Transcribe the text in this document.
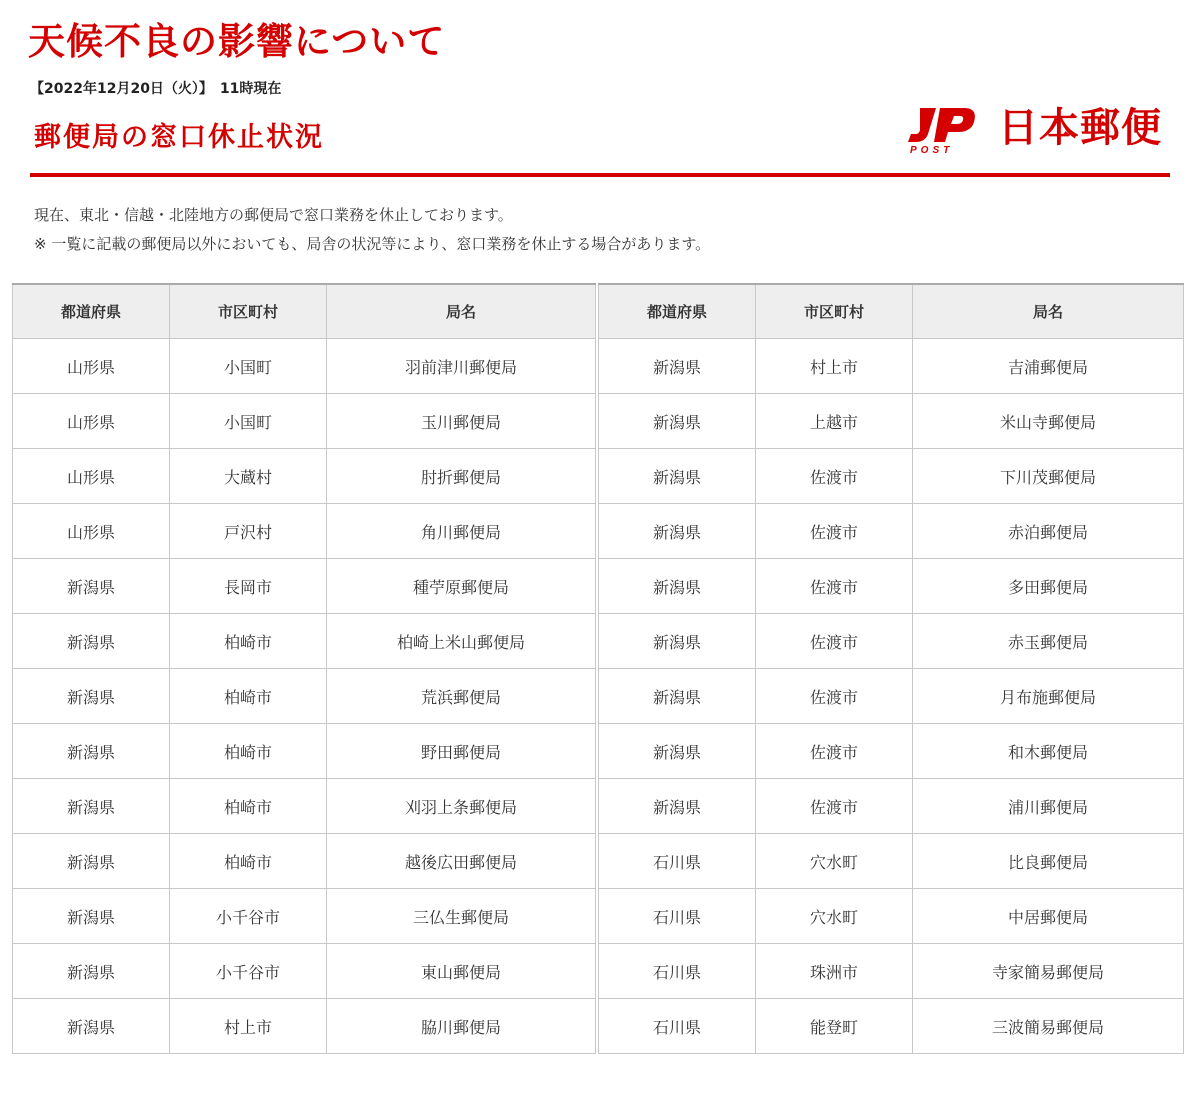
天候不良の影響について
【2022年12月20日（火）】　11時現在
郵便局の窓口休止状況	POST 日本郵便
現在、東北・信越・北陸地方の郵便局で窓口業務を休止しております。
※ 一覧に記載の郵便局以外においても、局舎の状況等により、窓口業務を休止する場合があります。
都道府県	市区町村	局名
山形県	小国町	羽前津川郵便局
山形県	小国町	玉川郵便局
山形県	大蔵村	肘折郵便局
山形県	戸沢村	角川郵便局
新潟県	長岡市	種苧原郵便局
新潟県	柏崎市	柏崎上米山郵便局
新潟県	柏崎市	荒浜郵便局
新潟県	柏崎市	野田郵便局
新潟県	柏崎市	刈羽上条郵便局
新潟県	柏崎市	越後広田郵便局
新潟県	小千谷市	三仏生郵便局
新潟県	小千谷市	東山郵便局
新潟県	村上市	脇川郵便局
都道府県	市区町村	局名
新潟県	村上市	吉浦郵便局
新潟県	上越市	米山寺郵便局
新潟県	佐渡市	下川茂郵便局
新潟県	佐渡市	赤泊郵便局
新潟県	佐渡市	多田郵便局
新潟県	佐渡市	赤玉郵便局
新潟県	佐渡市	月布施郵便局
新潟県	佐渡市	和木郵便局
新潟県	佐渡市	浦川郵便局
石川県	穴水町	比良郵便局
石川県	穴水町	中居郵便局
石川県	珠洲市	寺家簡易郵便局
石川県	能登町	三波簡易郵便局
